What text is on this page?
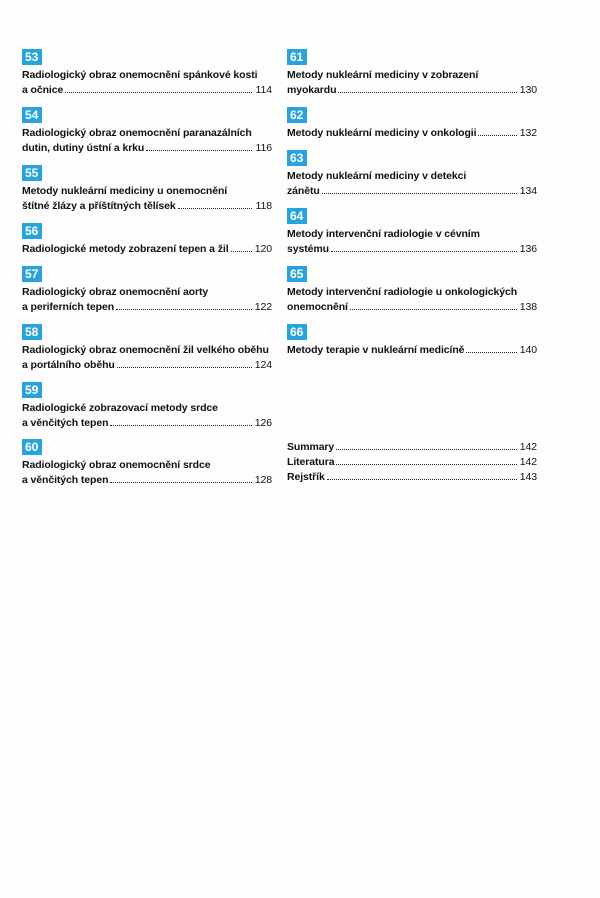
53
Radiologický obraz onemocnění spánkové kosti
a očnice	114
54
Radiologický obraz onemocnění paranazálních
dutin, dutiny ústní a krku	116
55
Metody nukleární mediciny u onemocnění
štítné žlázy a příštítných tělísek	118
56
Radiologické metody zobrazení tepen a žil 120
57
Radiologický obraz onemocnění aorty
a periferních tepen	122
58
Radiologický obraz onemocnění žil velkého oběhu
a portálního oběhu	124
59
Radiologické zobrazovací metody srdce
a věnčitých tepen	126
60
Radiologický obraz onemocnění srdce
a věnčitých tepen	128
61
Metody nukleární mediciny v zobrazení
myokardu	130
62
Metody nukleární mediciny v onkologii	132
63
Metody nukleární mediciny v detekci
zánětu	134
64
Metody intervenční radiologie v cévním
systému	136
65
Metody intervenční radiologie u onkologických
onemocnění	138
66
Metody terapie v nukleární medicíně	140
Summary	142
Literatura	142
Rejstřík	143
